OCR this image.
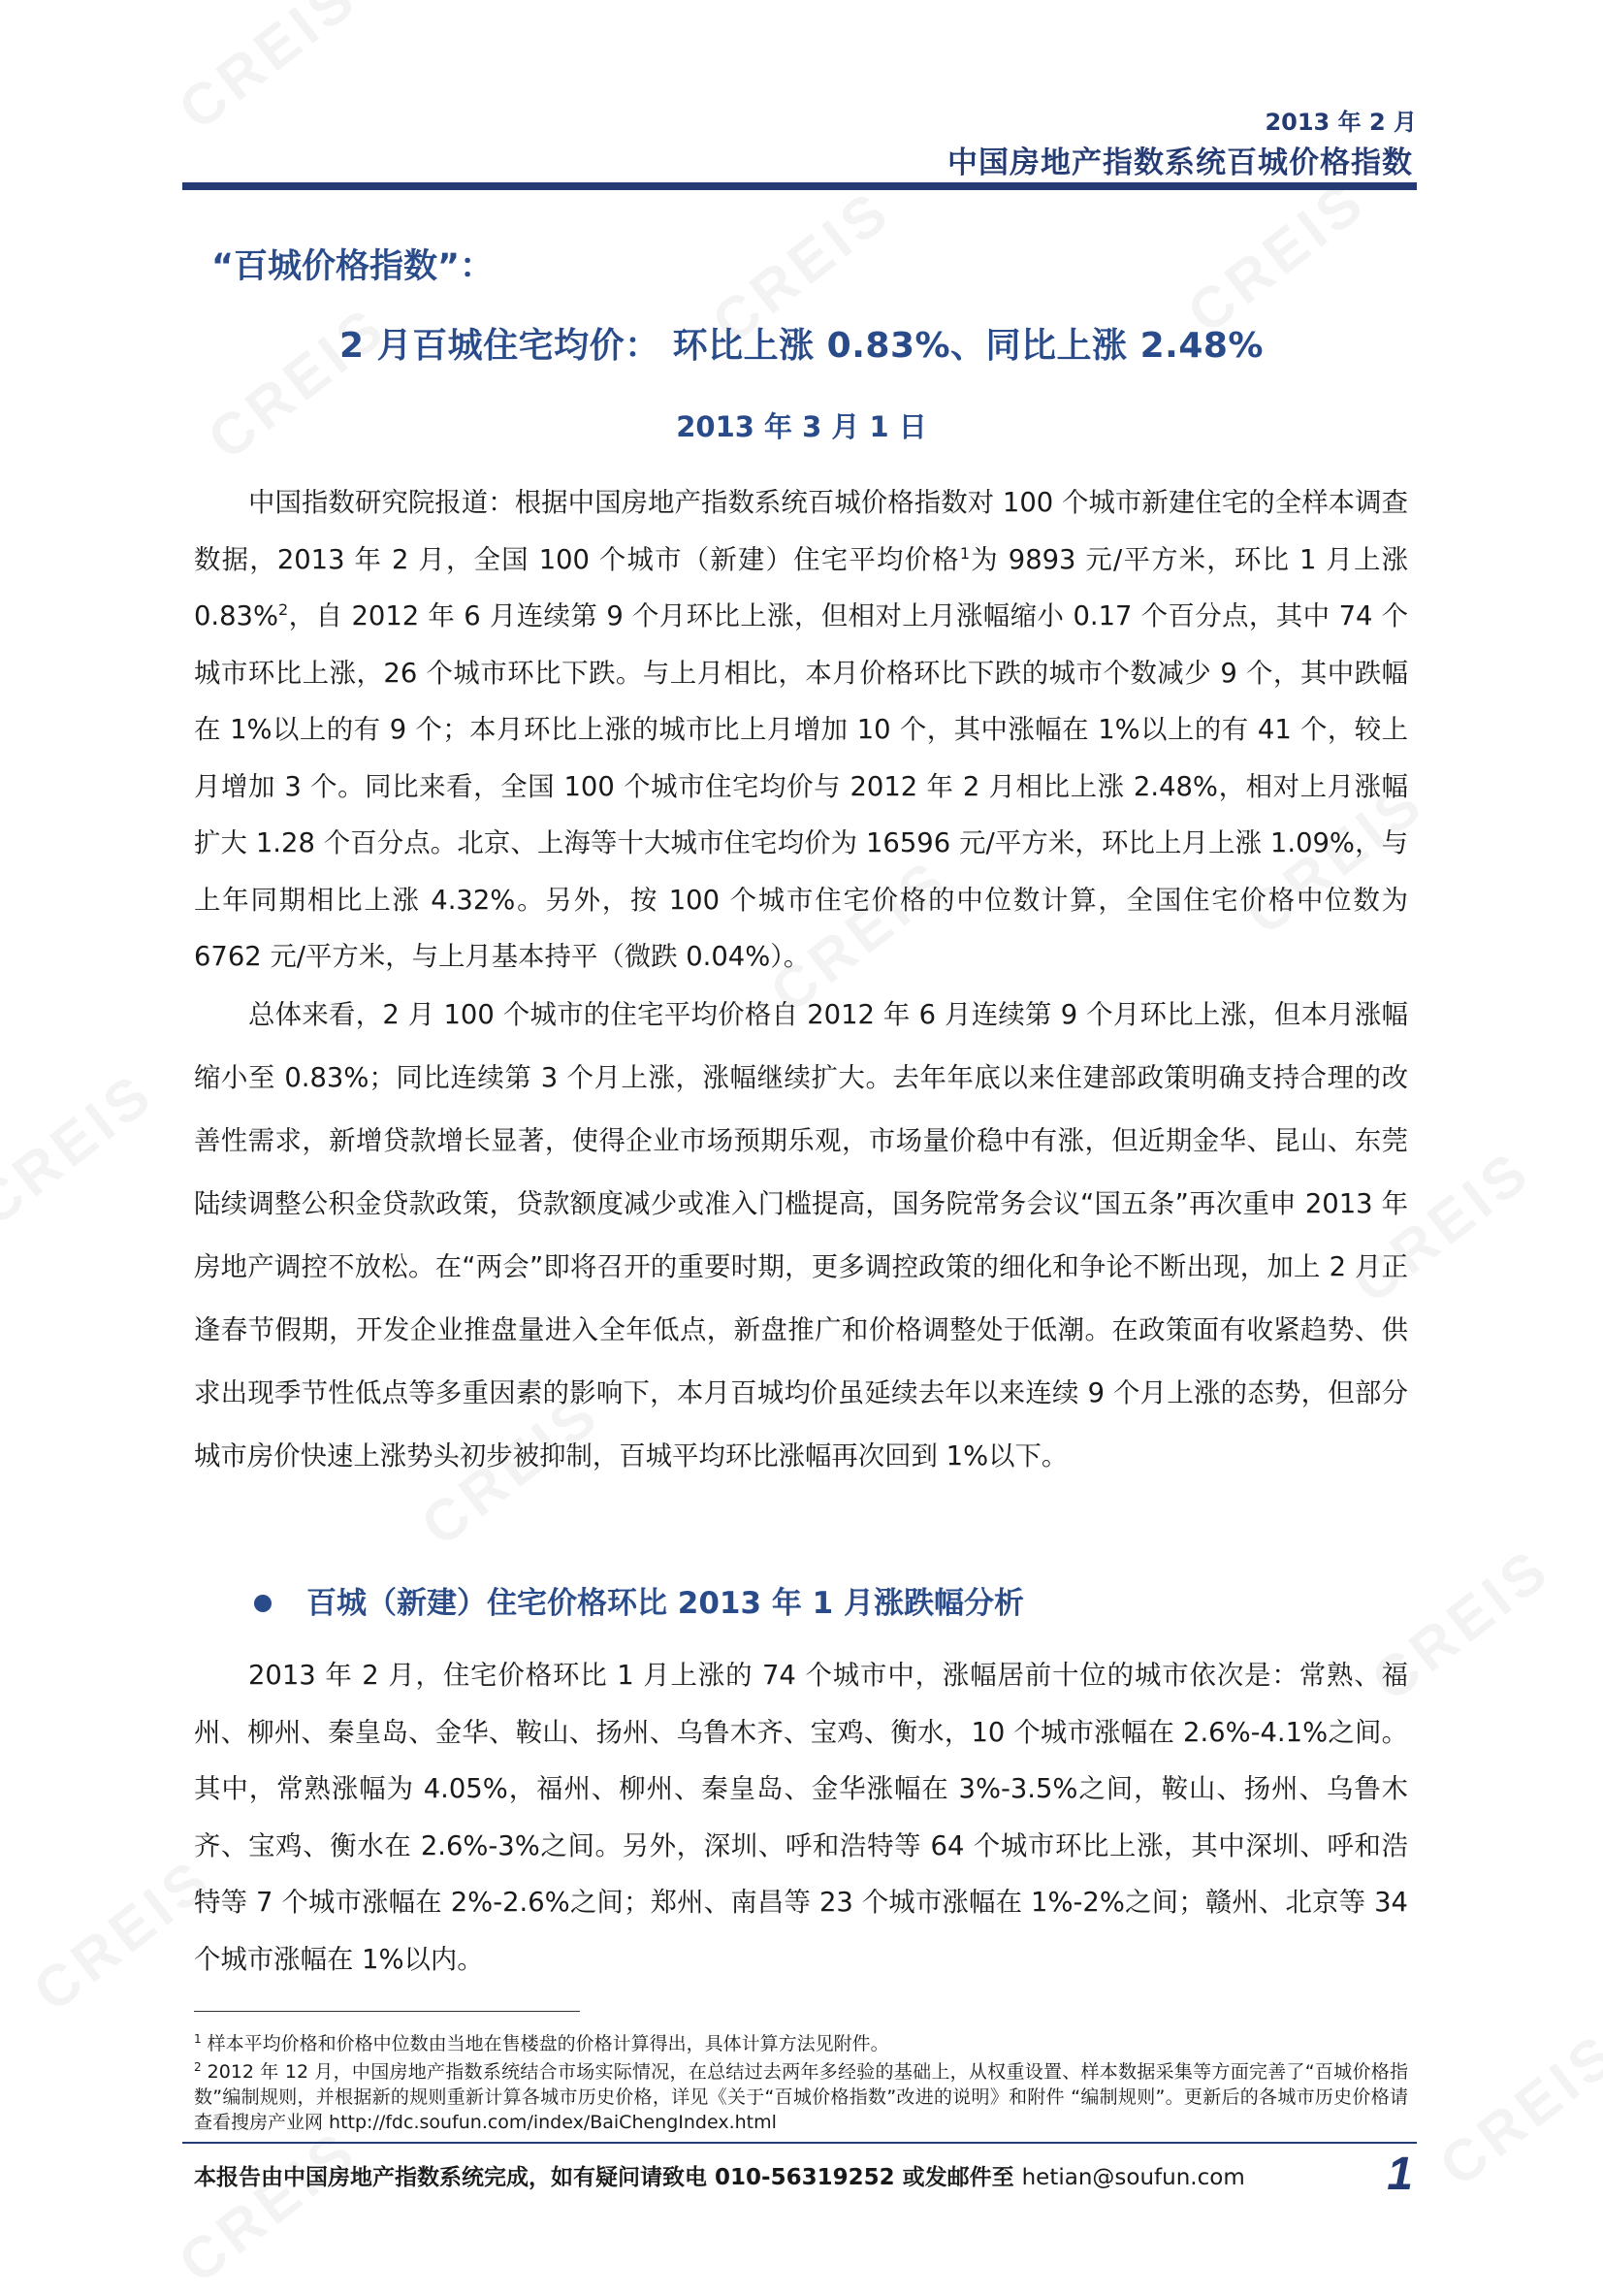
2013 年 2 月
中国房地产指数系统百城价格指数
“百城价格指数”：
2 月百城住宅均价： 环比上涨 0.83%、同比上涨 2.48%
2013 年 3 月 1 日

中国指数研究院报道：根据中国房地产指数系统百城价格指数对 100 个城市新建住宅的全样本调查数据，2013 年 2 月，全国 100 个城市（新建）住宅平均价格$^1$为 9893 元/平方米，环比 1 月上涨 0.83%$^2$，自 2012 年 6 月连续第 9 个月环比上涨，但相对上月涨幅缩小 0.17 个百分点，其中 74 个城市环比上涨，26 个城市环比下跌。与上月相比，本月价格环比下跌的城市个数减少 9 个，其中跌幅在 1%以上的有 9 个；本月环比上涨的城市比上月增加 10 个，其中涨幅在 1%以上的有 41 个，较上月增加 3 个。同比来看，全国 100 个城市住宅均价与 2012 年 2 月相比上涨 2.48%，相对上月涨幅扩大 1.28 个百分点。北京、上海等十大城市住宅均价为 16596 元/平方米，环比上月上涨 1.09%，与上年同期相比上涨 4.32%。另外，按 100 个城市住宅价格的中位数计算，全国住宅价格中位数为 6762 元/平方米，与上月基本持平（微跌 0.04%）。

总体来看，2 月 100 个城市的住宅平均价格自 2012 年 6 月连续第 9 个月环比上涨，但本月涨幅缩小至 0.83%；同比连续第 3 个月上涨，涨幅继续扩大。去年年底以来住建部政策明确支持合理的改善性需求，新增贷款增长显著，使得企业市场预期乐观，市场量价稳中有涨，但近期金华、昆山、东莞陆续调整公积金贷款政策，贷款额度减少或准入门槛提高，国务院常务会议“国五条”再次重申 2013 年房地产调控不放松。在“两会”即将召开的重要时期，更多调控政策的细化和争论不断出现，加上 2 月正逢春节假期，开发企业推盘量进入全年低点，新盘推广和价格调整处于低潮。在政策面有收紧趋势、供求出现季节性低点等多重因素的影响下，本月百城均价虽延续去年以来连续 9 个月上涨的态势，但部分城市房价快速上涨势头初步被抑制，百城平均环比涨幅再次回到 1%以下。

百城（新建）住宅价格环比 2013 年 1 月涨跌幅分析

2013 年 2 月，住宅价格环比 1 月上涨的 74 个城市中，涨幅居前十位的城市依次是：常熟、福州、柳州、秦皇岛、金华、鞍山、扬州、乌鲁木齐、宝鸡、衡水，10 个城市涨幅在 2.6%-4.1%之间。其中，常熟涨幅为 4.05%，福州、柳州、秦皇岛、金华涨幅在 3%-3.5%之间，鞍山、扬州、乌鲁木齐、宝鸡、衡水在 2.6%-3%之间。另外，深圳、呼和浩特等 64 个城市环比上涨，其中深圳、呼和浩特等 7 个城市涨幅在 2%-2.6%之间；郑州、南昌等 23 个城市涨幅在 1%-2%之间；赣州、北京等 34 个城市涨幅在 1%以内。

$^1$ 样本平均价格和价格中位数由当地在售楼盘的价格计算得出，具体计算方法见附件。

$^2$ 2012 年 12 月，中国房地产指数系统结合市场实际情况，在总结过去两年多经验的基础上，从权重设置、样本数据采集等方面完善了“百城价格指数”编制规则，并根据新的规则重新计算各城市历史价格，详见《关于“百城价格指数”改进的说明》和附件 “编制规则”。更新后的各城市历史价格请查看搜房产业网 http://fdc.soufun.com/index/BaiChengIndex.html

本报告由中国房地产指数系统完成，如有疑问请致电 010-56319252 或发邮件至 hetian@soufun.com	1
